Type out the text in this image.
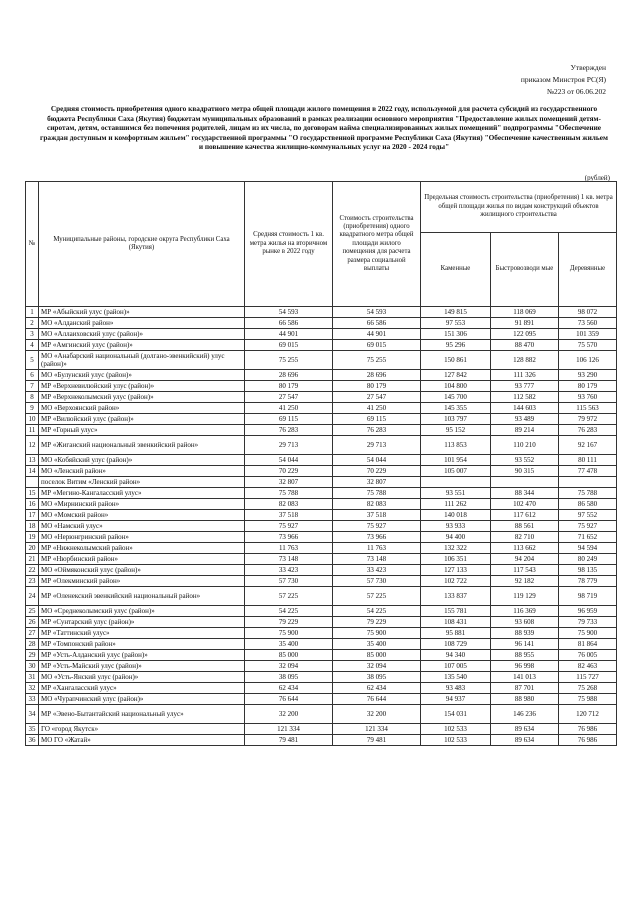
Утвержден
приказом Минстроя РС(Я)
№223 от 06.06.202
Средняя стоимость приобретения одного квадратного метра общей площади жилого помещения в 2022 году, используемой для расчета субсидий из государственного бюджета Республики Саха (Якутия) бюджетам муниципальных образований в рамках реализации основного мероприятия "Предоставление жилых помещений детям-сиротам, детям, оставшимся без попечения родителей, лицам из их числа, по договорам найма специализированных жилых помещений" подпрограммы "Обеспечение граждан доступным и комфортным жильем" государственной программы "О государственной программе Республики Саха (Якутия) "Обеспечение качественным жильем и повышение качества жилищно-коммунальных услуг на 2020 - 2024 годы"
(рублей)
№	Муниципальные районы, городские округа Республики Саха (Якутия)	Средняя стоимость 1 кв. метра жилья на вторичном рынке в 2022 году	Стоимость строительства (приобретения) одного квадратного метра общей площади жилого помещения для расчета размера социальной выплаты	Предельная стоимость строительства (приобретения) 1 кв. метра общей площади жилья по видам конструкций объектов жилищного строительства		
				Каменные	Быстровозводи мые	Деревянные
1	МР «Абыйский улус (район)»	54 593	54 593	149 815	118 069	98 072
2	МО «Алданский район»	66 586	66 586	97 553	91 891	73 560
3	МО «Аллаиховский улус (район)»	44 901	44 901	151 306	122 095	101 359
4	МР «Амгинский улус (район)»	69 015	69 015	95 296	88 470	75 570
5	МО «Анабарский национальный (долгано-эвенкийский) улус (район)»	75 255	75 255	150 861	128 882	106 126
6	МО «Булунский улус (район)»	28 696	28 696	127 842	111 326	93 290
7	МР «Верхневилюйский улус (район)»	80 179	80 179	104 800	93 777	80 179
8	МР «Верхнеколымский улус (район)»	27 547	27 547	145 700	112 582	93 760
9	МО «Верхоянский район»	41 250	41 250	145 355	144 603	115 563
10	МР «Вилюйский улус (район)»	69 115	69 115	103 797	93 489	79 972
11	МР «Горный улус»	76 283	76 283	95 152	89 214	76 283
12	МР «Жиганский национальный эвенкийский район»	29 713	29 713	113 853	110 210	92 167
13	МО «Кобяйский улус (район)»	54 044	54 044	101 954	93 552	80 111
14	МО «Ленский район»	70 229	70 229	105 007	90 315	77 478
	поселок Витим «Ленский район»	32 807	32 807			
15	МР «Мегино-Кангаласский улус»	75 788	75 788	93 551	88 344	75 788
16	МО «Мирнинский район»	82 083	82 083	111 262	102 470	86 580
17	МО «Момский район»	37 518	37 518	140 018	117 612	97 552
18	МО «Намский улус»	75 927	75 927	93 933	88 561	75 927
19	МО «Нерюнгринский район»	73 966	73 966	94 400	82 710	71 652
20	МР «Нижнеколымский район»	11 763	11 763	132 322	113 662	94 594
21	МР «Нюрбинский район»	73 148	73 148	106 351	94 204	80 249
22	МО «Оймяконский улус (район)»	33 423	33 423	127 133	117 543	98 135
23	МР «Олекминский район»	57 730	57 730	102 722	92 182	78 779
24	МР «Оленекский эвенкийский национальный район»	57 225	57 225	133 837	119 129	98 719
25	МО «Среднеколымский улус (район)»	54 225	54 225	155 781	116 369	96 959
26	МР «Сунтарский улус (район)»	79 229	79 229	108 431	93 608	79 733
27	МР «Таттинский улус»	75 900	75 900	95 881	88 939	75 900
28	МР «Томпонский район»	35 400	35 400	108 729	96 141	81 864
29	МР «Усть-Алданский улус (район)»	85 000	85 000	94 340	88 955	76 005
30	МР «Усть-Майский улус (район)»	32 094	32 094	107 005	96 998	82 463
31	МО «Усть-Янский улус (район)»	38 095	38 095	135 540	141 013	115 727
32	МР «Хангаласский улус»	62 434	62 434	93 483	87 701	75 268
33	МО «Чурапчинский улус (район)»	76 644	76 644	94 937	88 980	75 988
34	МР «Эвено-Бытантайский национальный улус»	32 200	32 200	154 031	146 236	120 712
35	ГО «город Якутск»	121 334	121 334	102 533	89 634	76 986
36	МО ГО «Жатай»	79 481	79 481	102 533	89 634	76 986
